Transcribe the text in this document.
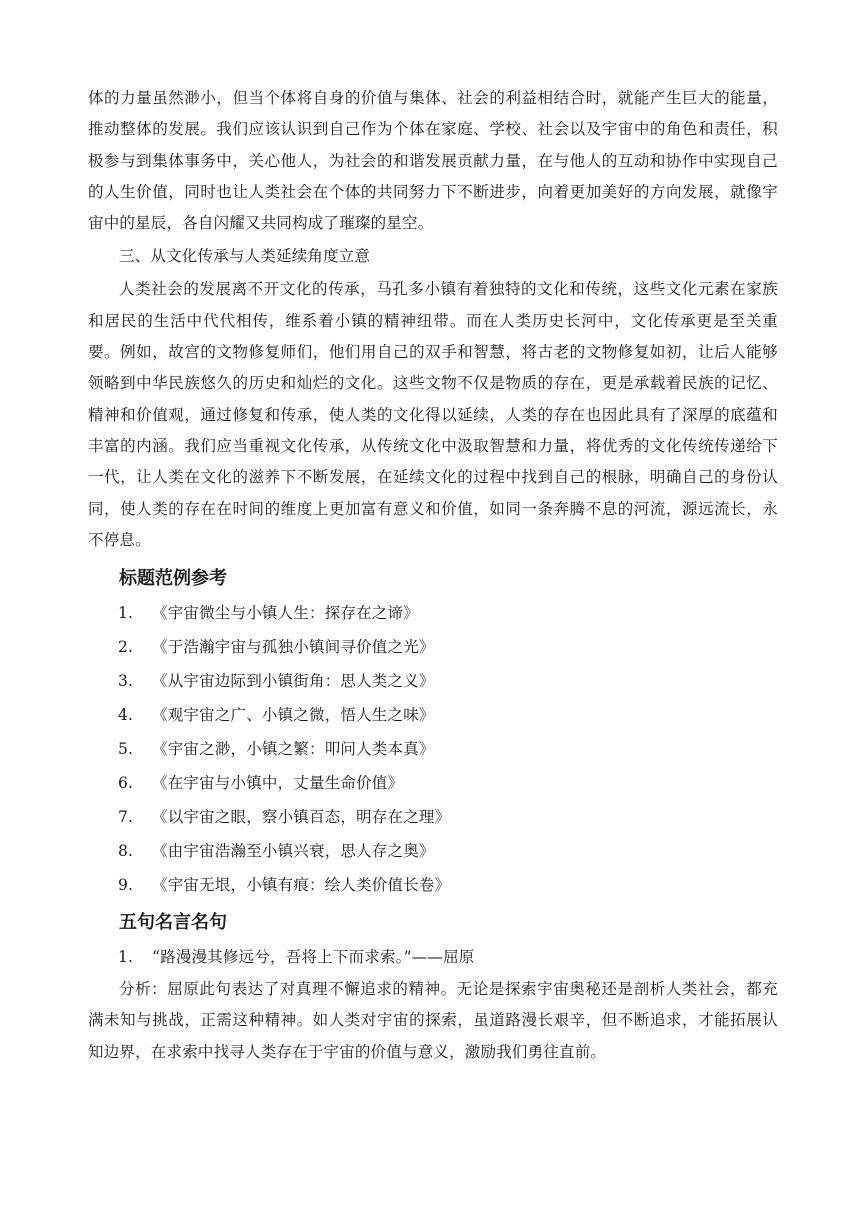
体的力量虽然渺小，但当个体将自身的价值与集体、社会的利益相结合时，就能产生巨大的能量，推动整体的发展。我们应该认识到自己作为个体在家庭、学校、社会以及宇宙中的角色和责任，积极参与到集体事务中，关心他人，为社会的和谐发展贡献力量，在与他人的互动和协作中实现自己的人生价值，同时也让人类社会在个体的共同努力下不断进步，向着更加美好的方向发展，就像宇宙中的星辰，各自闪耀又共同构成了璀璨的星空。

三、从文化传承与人类延续角度立意

人类社会的发展离不开文化的传承，马孔多小镇有着独特的文化和传统，这些文化元素在家族和居民的生活中代代相传，维系着小镇的精神纽带。而在人类历史长河中，文化传承更是至关重要。例如，故宫的文物修复师们，他们用自己的双手和智慧，将古老的文物修复如初，让后人能够领略到中华民族悠久的历史和灿烂的文化。这些文物不仅是物质的存在，更是承载着民族的记忆、精神和价值观，通过修复和传承，使人类的文化得以延续，人类的存在也因此具有了深厚的底蕴和丰富的内涵。我们应当重视文化传承，从传统文化中汲取智慧和力量，将优秀的文化传统传递给下一代，让人类在文化的滋养下不断发展，在延续文化的过程中找到自己的根脉，明确自己的身份认同，使人类的存在在时间的维度上更加富有意义和价值，如同一条奔腾不息的河流，源远流长，永不停息。

标题范例参考
1.	《宇宙微尘与小镇人生：探存在之谛》
2.	《于浩瀚宇宙与孤独小镇间寻价值之光》
3.	《从宇宙边际到小镇街角：思人类之义》
4.	《观宇宙之广、小镇之微，悟人生之味》
5.	《宇宙之渺，小镇之繁：叩问人类本真》
6.	《在宇宙与小镇中，丈量生命价值》
7.	《以宇宙之眼，察小镇百态，明存在之理》
8.	《由宇宙浩瀚至小镇兴衰，思人存之奥》
9.	《宇宙无垠，小镇有痕：绘人类价值长卷》
五句名言名句
1.	“路漫漫其修远兮，吾将上下而求索。”——屈原

分析：屈原此句表达了对真理不懈追求的精神。无论是探索宇宙奥秘还是剖析人类社会，都充满未知与挑战，正需这种精神。如人类对宇宙的探索，虽道路漫长艰辛，但不断追求，才能拓展认知边界，在求索中找寻人类存在于宇宙的价值与意义，激励我们勇往直前。
